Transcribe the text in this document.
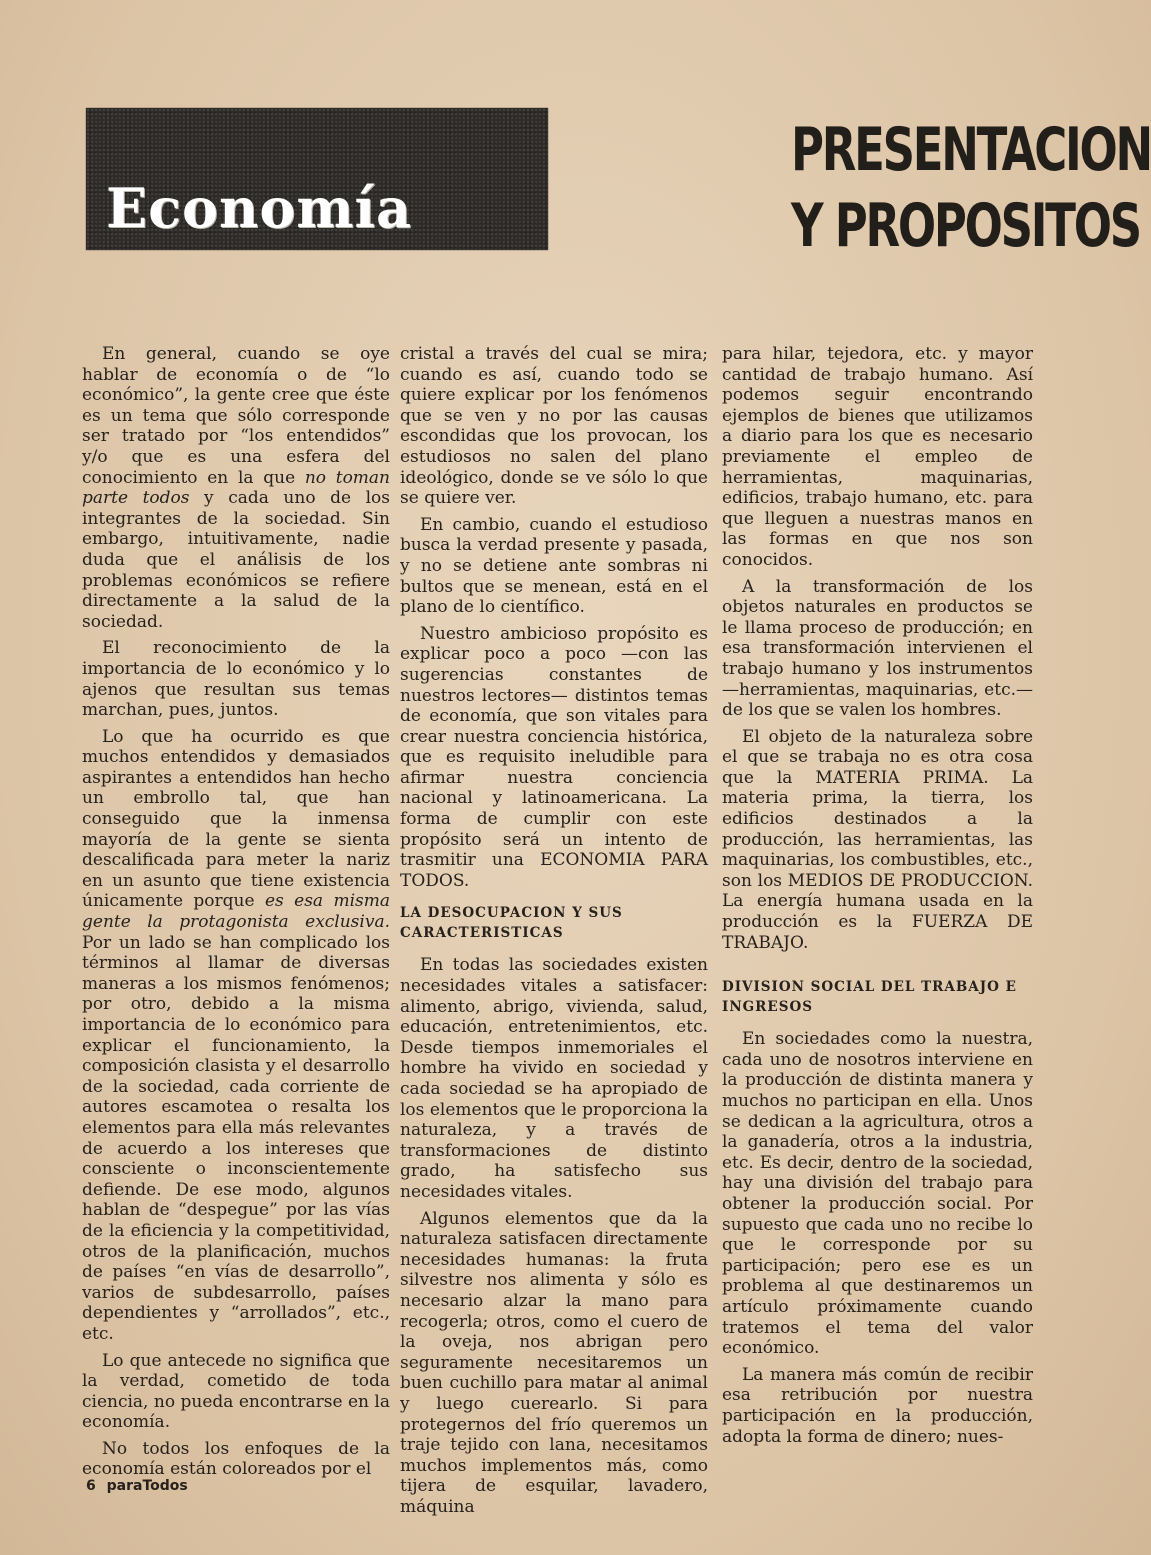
Economía
PRESENTACION
Y PROPOSITOS

En general, cuando se oye hablar de economía o de “lo económico”, la gente cree que éste es un tema que sólo corresponde ser tratado por “los entendidos” y/o que es una esfera del conocimiento en la que no toman parte todos y cada uno de los integrantes de la sociedad. Sin embargo, intuitivamente, nadie duda que el análisis de los problemas económicos se refiere directamente a la salud de la sociedad.

El reconocimiento de la importancia de lo económico y lo ajenos que resultan sus temas marchan, pues, juntos.

Lo que ha ocurrido es que muchos entendidos y demasiados aspirantes a entendidos han hecho un embrollo tal, que han conseguido que la inmensa mayoría de la gente se sienta descalificada para meter la nariz en un asunto que tiene existencia únicamente porque es esa misma gente la protagonista exclusiva. Por un lado se han complicado los términos al llamar de diversas maneras a los mismos fenómenos; por otro, debido a la misma importancia de lo económico para explicar el funcionamiento, la composición clasista y el desarrollo de la sociedad, cada corriente de autores escamotea o resalta los elementos para ella más relevantes de acuerdo a los intereses que consciente o inconscientemente defiende. De ese modo, algunos hablan de “despegue” por las vías de la eficiencia y la competitividad, otros de la planificación, muchos de países “en vías de desarrollo”, varios de subdesarrollo, países dependientes y “arrollados”, etc., etc.

Lo que antecede no significa que la verdad, cometido de toda ciencia, no pueda encontrarse en la economía.

No todos los enfoques de la economía están coloreados por el

cristal a través del cual se mira; cuando es así, cuando todo se quiere explicar por los fenómenos que se ven y no por las causas escondidas que los provocan, los estudiosos no salen del plano ideológico, donde se ve sólo lo que se quiere ver.

En cambio, cuando el estudioso busca la verdad presente y pasada, y no se detiene ante sombras ni bultos que se menean, está en el plano de lo científico.

Nuestro ambicioso propósito es explicar poco a poco —con las sugerencias constantes de nuestros lectores— distintos temas de economía, que son vitales para crear nuestra conciencia histórica, que es requisito ineludible para afirmar nuestra conciencia nacional y latinoamericana. La forma de cumplir con este propósito será un intento de trasmitir una ECONOMIA PARA TODOS.

LA DESOCUPACION Y SUS CARACTERISTICAS

En todas las sociedades existen necesidades vitales a satisfacer: alimento, abrigo, vivienda, salud, educación, entretenimientos, etc. Desde tiempos inmemoriales el hombre ha vivido en sociedad y cada sociedad se ha apropiado de los elementos que le proporciona la naturaleza, y a través de transformaciones de distinto grado, ha satisfecho sus necesidades vitales.

Algunos elementos que da la naturaleza satisfacen directamente necesidades humanas: la fruta silvestre nos alimenta y sólo es necesario alzar la mano para recogerla; otros, como el cuero de la oveja, nos abrigan pero seguramente necesitaremos un buen cuchillo para matar al animal y luego cuerearlo. Si para protegernos del frío queremos un traje tejido con lana, necesitamos muchos implementos más, como tijera de esquilar, lavadero, máquina

para hilar, tejedora, etc. y mayor cantidad de trabajo humano. Así podemos seguir encontrando ejemplos de bienes que utilizamos a diario para los que es necesario previamente el empleo de herramientas, maquinarias, edificios, trabajo humano, etc. para que lleguen a nuestras manos en las formas en que nos son conocidos.

A la transformación de los objetos naturales en productos se le llama proceso de producción; en esa transformación intervienen el trabajo humano y los instrumentos —herramientas, maquinarias, etc.— de los que se valen los hombres.

El objeto de la naturaleza sobre el que se trabaja no es otra cosa que la MATERIA PRIMA. La materia prima, la tierra, los edificios destinados a la producción, las herramientas, las maquinarias, los combustibles, etc., son los MEDIOS DE PRODUCCION. La energía humana usada en la producción es la FUERZA DE TRABAJO.

DIVISION SOCIAL DEL TRABAJO E INGRESOS

En sociedades como la nuestra, cada uno de nosotros interviene en la producción de distinta manera y muchos no participan en ella. Unos se dedican a la agricultura, otros a la ganadería, otros a la industria, etc. Es decir, dentro de la sociedad, hay una división del trabajo para obtener la producción social. Por supuesto que cada uno no recibe lo que le corresponde por su participación; pero ese es un problema al que destinaremos un artículo próximamente cuando tratemos el tema del valor económico.

La manera más común de recibir esa retribución por nuestra participación en la producción, adopta la forma de dinero; nues-

6 paraTodos
